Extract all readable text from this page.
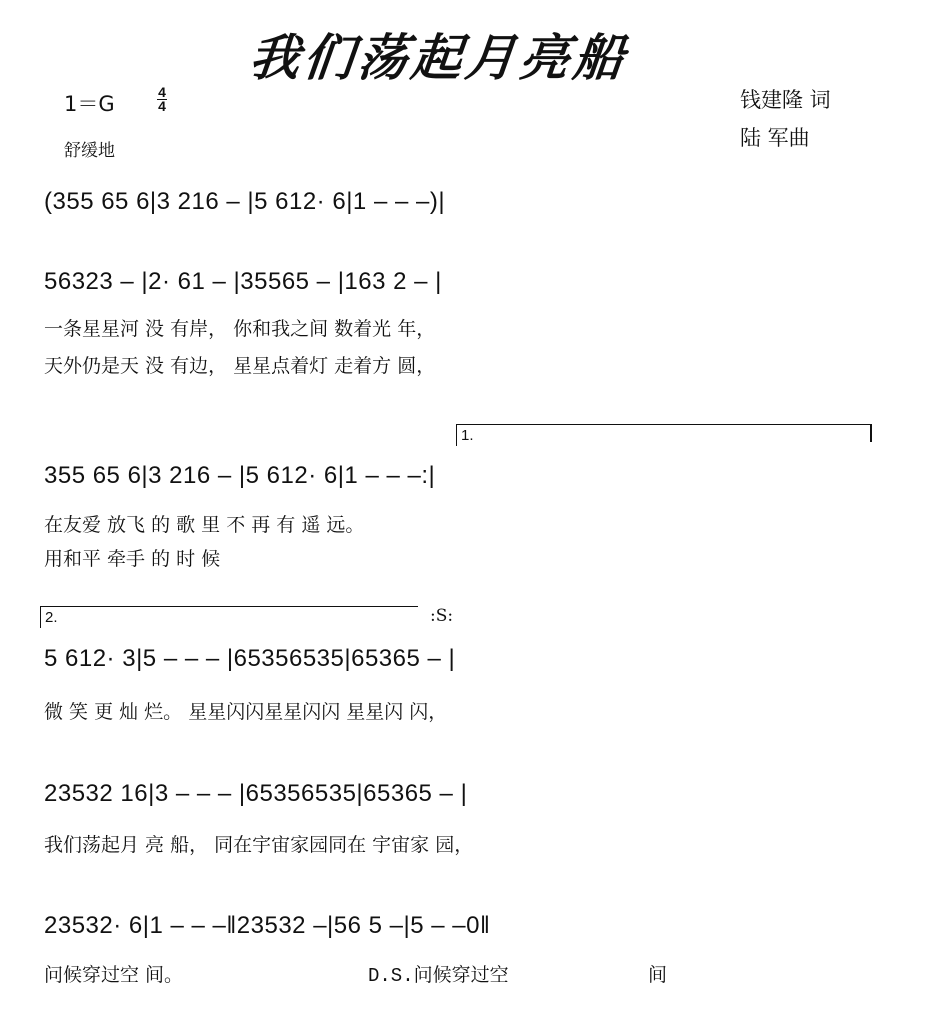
我们荡起月亮船
1＝G	4
4
舒缓地
钱建隆 词
陆 军曲
(355 65 6|3 216 – |5 612· 6|1 – – –)|
56323 – |2· 61 – |35565 – |163 2 – |
一条星星河 没 有岸， 你和我之间 数着光 年，
天外仍是天 没 有边， 星星点着灯 走着方 圆，
1.
355 65 6|3 216 – |5 612· 6|1 – – –:|
在友爱 放飞 的 歌 里 不 再 有 遥 远。
用和平 牵手 的 时 候
2.	:S:
5 612· 3|5 – – – |65356535|65365 – |
微 笑 更 灿 烂。 星星闪闪星星闪闪 星星闪 闪，
23532 16|3 – – – |65356535|65365 – |
我们荡起月 亮 船， 同在宇宙家园同在 宇宙家 园，
23532· 6|1 – – –‖23532 –|56 5 –|5 – –0‖
问候穿过空 间。	D.S.问候穿过空	间
